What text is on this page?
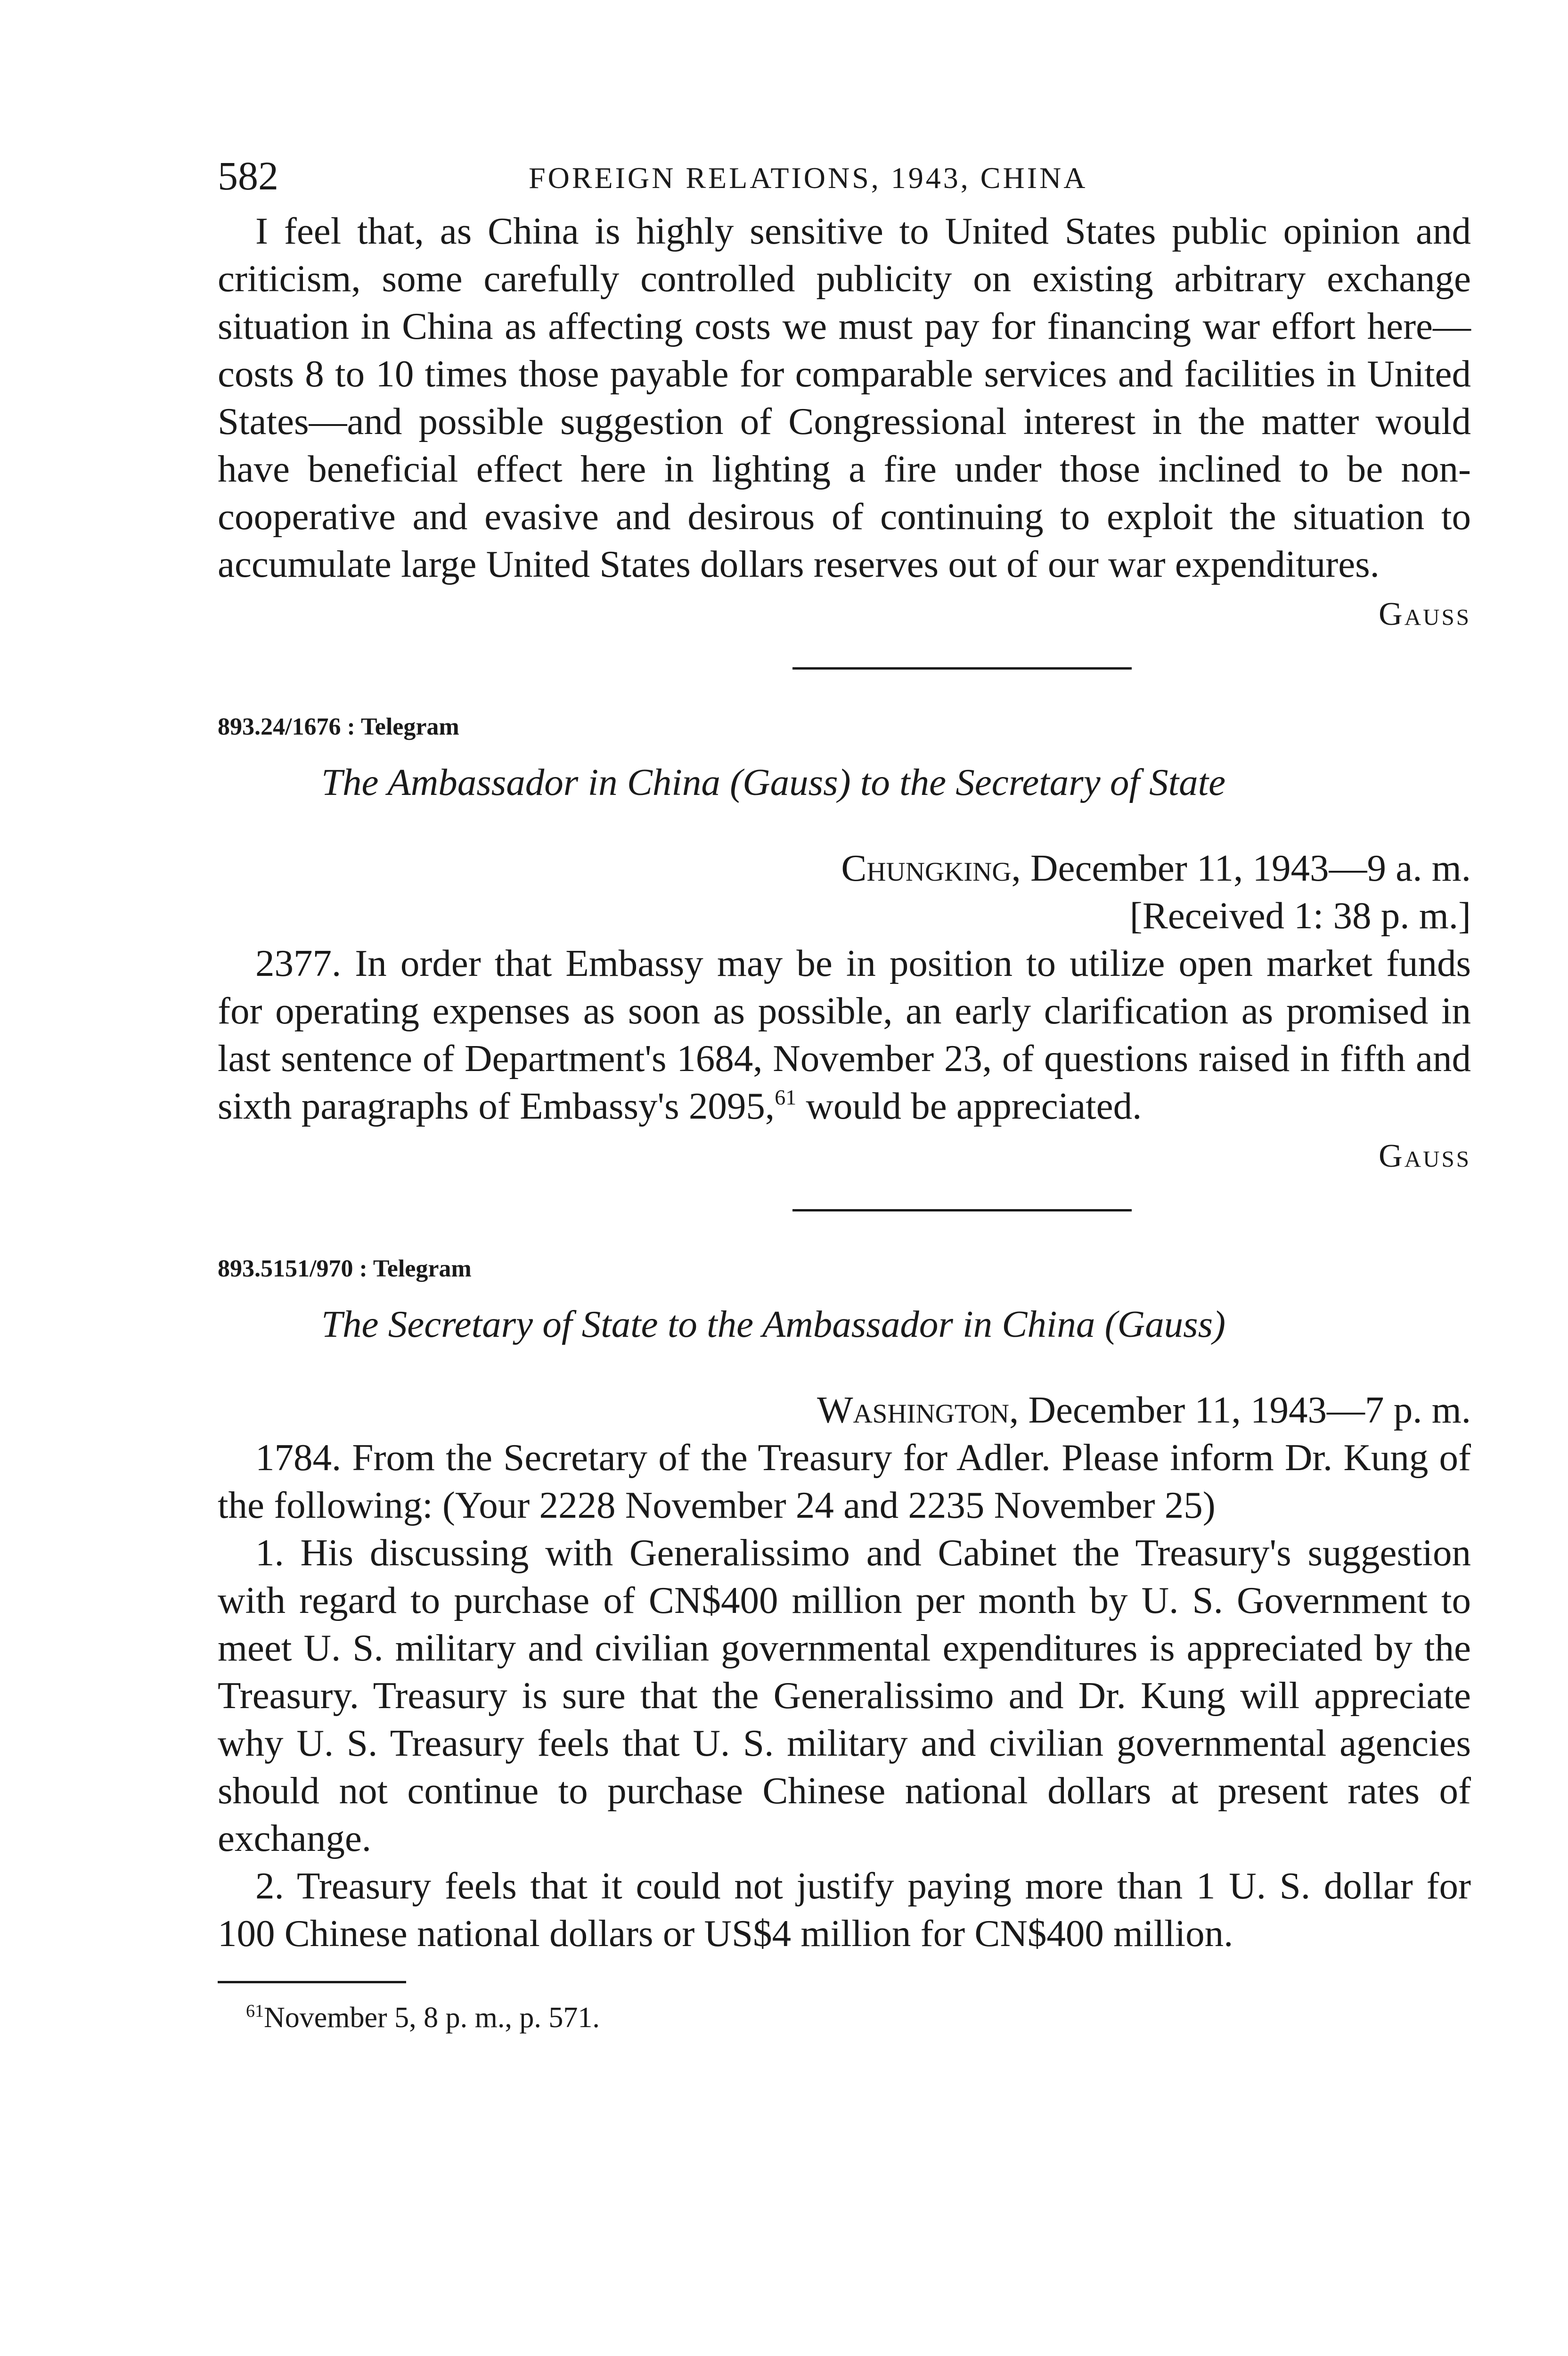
582	FOREIGN RELATIONS, 1943, CHINA

I feel that, as China is highly sensitive to United States public opinion and criticism, some carefully controlled publicity on existing arbitrary exchange situation in China as affecting costs we must pay for financing war effort here—costs 8 to 10 times those payable for comparable services and facilities in United States—and possible suggestion of Congressional interest in the matter would have beneficial effect here in lighting a fire under those inclined to be non-cooperative and evasive and desirous of continuing to exploit the situation to accumulate large United States dollars reserves out of our war expenditures.

Gauss
893.24/1676 : Telegram
The Ambassador in China (Gauss) to the Secretary of State
Chungking, December 11, 1943—9 a. m.
[Received 1: 38 p. m.]

2377. In order that Embassy may be in position to utilize open market funds for operating expenses as soon as possible, an early clarification as promised in last sentence of Department's 1684, November 23, of questions raised in fifth and sixth paragraphs of Embassy's 2095,61 would be appreciated.

Gauss
893.5151/970 : Telegram
The Secretary of State to the Ambassador in China (Gauss)
Washington, December 11, 1943—7 p. m.

1784. From the Secretary of the Treasury for Adler. Please inform Dr. Kung of the following: (Your 2228 November 24 and 2235 November 25)

1. His discussing with Generalissimo and Cabinet the Treasury's suggestion with regard to purchase of CN$400 million per month by U. S. Government to meet U. S. military and civilian governmental expenditures is appreciated by the Treasury. Treasury is sure that the Generalissimo and Dr. Kung will appreciate why U. S. Treasury feels that U. S. military and civilian governmental agencies should not continue to purchase Chinese national dollars at present rates of exchange.

2. Treasury feels that it could not justify paying more than 1 U. S. dollar for 100 Chinese national dollars or US$4 million for CN$400 million.

$^{61}$November 5, 8 p. m., p. 571.
